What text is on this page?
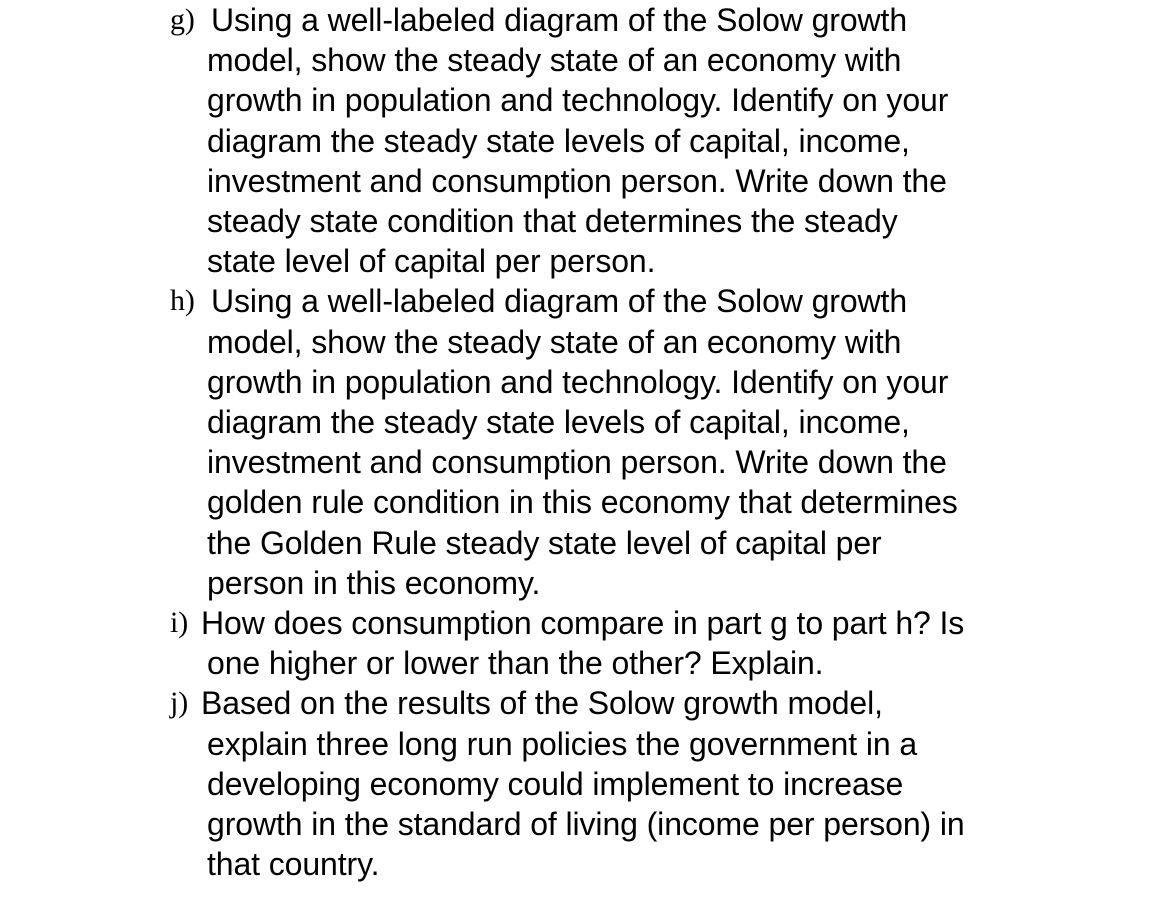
g) Using a well-labeled diagram of the Solow growth
model, show the steady state of an economy with
growth in population and technology. Identify on your
diagram the steady state levels of capital, income,
investment and consumption person. Write down the
steady state condition that determines the steady
state level of capital per person.
h) Using a well-labeled diagram of the Solow growth
model, show the steady state of an economy with
growth in population and technology. Identify on your
diagram the steady state levels of capital, income,
investment and consumption person. Write down the
golden rule condition in this economy that determines
the Golden Rule steady state level of capital per
person in this economy.
i) How does consumption compare in part g to part h? Is
one higher or lower than the other? Explain.
j) Based on the results of the Solow growth model,
explain three long run policies the government in a
developing economy could implement to increase
growth in the standard of living (income per person) in
that country.
